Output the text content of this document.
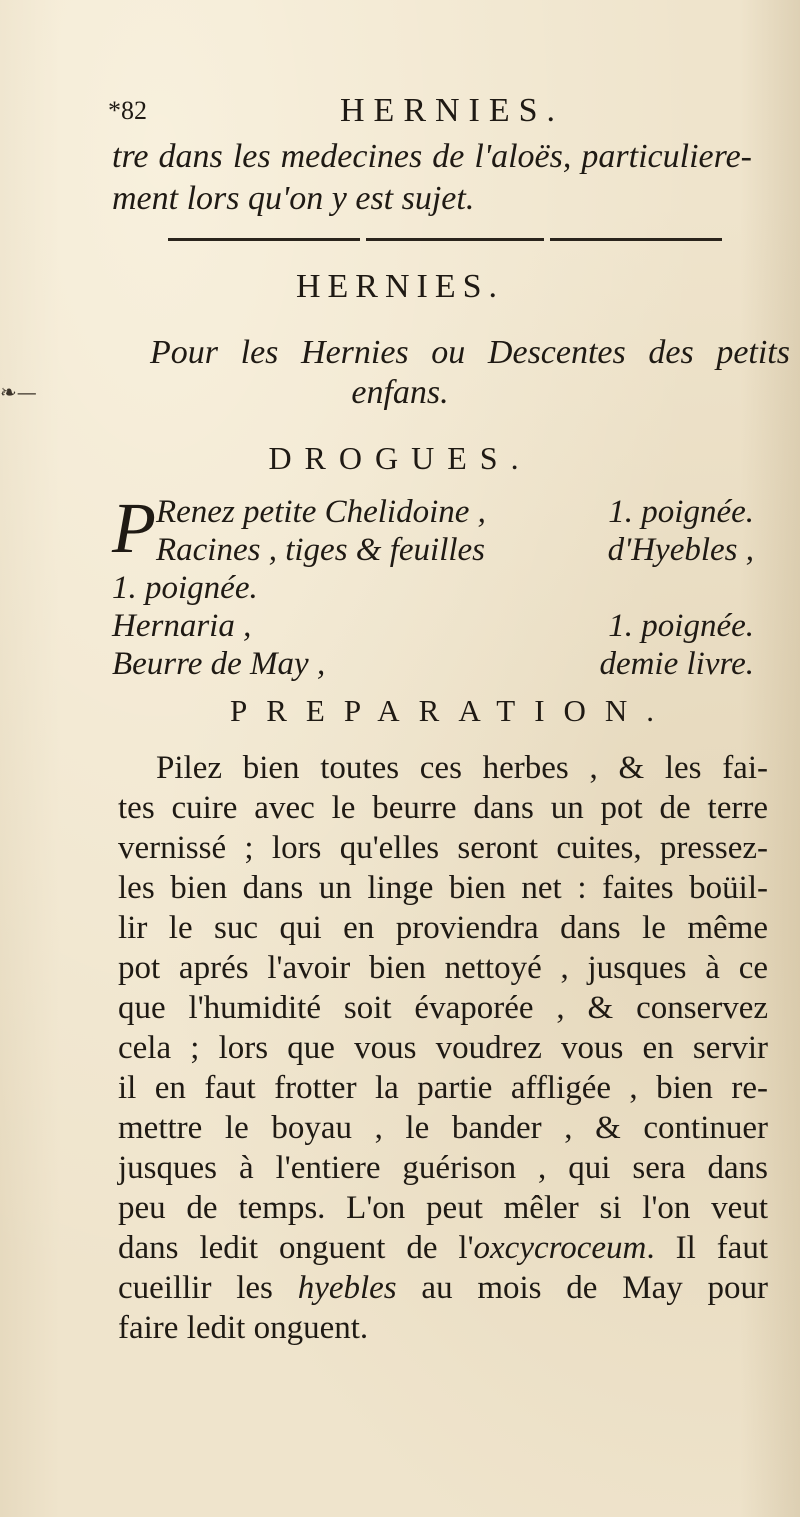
*82	HERNIES.
tre dans les medecines de l'aloës, particuliere-
ment lors qu'on y est sujet.
HERNIES.
❧—
Pour les Hernies ou Descentes des petits
enfans.
DROGUES.
P Renez petite Chelidoine ,	1. poignée.
Racines , tiges & feuilles	d'Hyebles ,
1. poignée.
Hernaria ,	1. poignée.
Beurre de May ,	demie livre.
PREPARATION.
Pilez bien toutes ces herbes , & les fai-
tes cuire avec le beurre dans un pot de terre
vernissé ; lors qu'elles seront cuites, pressez-
les bien dans un linge bien net : faites boüil-
lir le suc qui en proviendra dans le même
pot aprés l'avoir bien nettoyé , jusques à ce
que l'humidité soit évaporée , & conservez
cela ; lors que vous voudrez vous en servir
il en faut frotter la partie affligée , bien re-
mettre le boyau , le bander , & continuer
jusques à l'entiere guérison , qui sera dans
peu de temps. L'on peut mêler si l'on veut
dans ledit onguent de l'oxcycroceum. Il faut
cueillir les hyebles au mois de May pour
faire ledit onguent.
